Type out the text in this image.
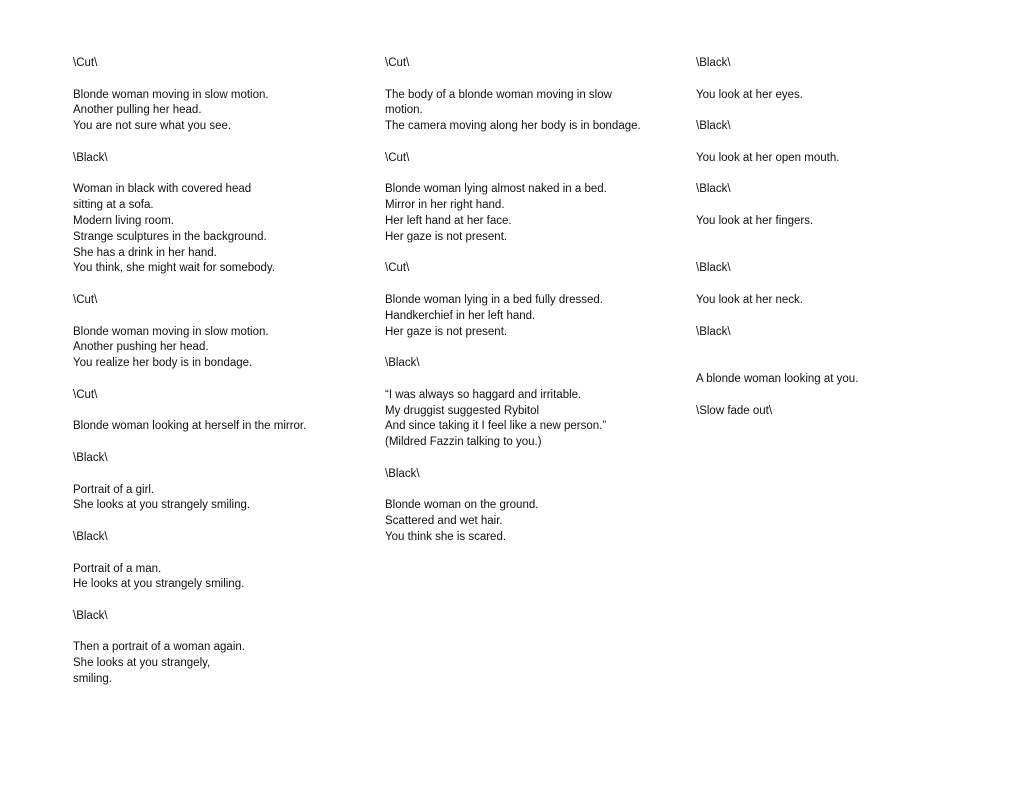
\Cut\
Blonde woman moving in slow motion.
Another pulling her head.
You are not sure what you see.
\Black\
Woman in black with covered head
sitting at a sofa.
Modern living room.
Strange sculptures in the background.
She has a drink in her hand.
You think, she might wait for somebody.
\Cut\
Blonde woman moving in slow motion.
Another pushing her head.
You realize her body is in bondage.
\Cut\
Blonde woman looking at herself in the mirror.
\Black\
Portrait of a girl.
She looks at you strangely smiling.
\Black\
Portrait of a man.
He looks at you strangely smiling.
\Black\
Then a portrait of a woman again.
She looks at you strangely,
smiling.
\Cut\
The body of a blonde woman moving in slow
motion.
The camera moving along her body is in bondage.
\Cut\
Blonde woman lying almost naked in a bed.
Mirror in her right hand.
Her left hand at her face.
Her gaze is not present.
\Cut\
Blonde woman lying in a bed fully dressed.
Handkerchief in her left hand.
Her gaze is not present.
\Black\
“I was always so haggard and irritable.
My druggist suggested Rybitol
And since taking it I feel like a new person.”
(Mildred Fazzin talking to you.)
\Black\
Blonde woman on the ground.
Scattered and wet hair.
You think she is scared.
\Black\
You look at her eyes.
\Black\
You look at her open mouth.
\Black\
You look at her fingers.
\Black\
You look at her neck.
\Black\
A blonde woman looking at you.
\Slow fade out\
